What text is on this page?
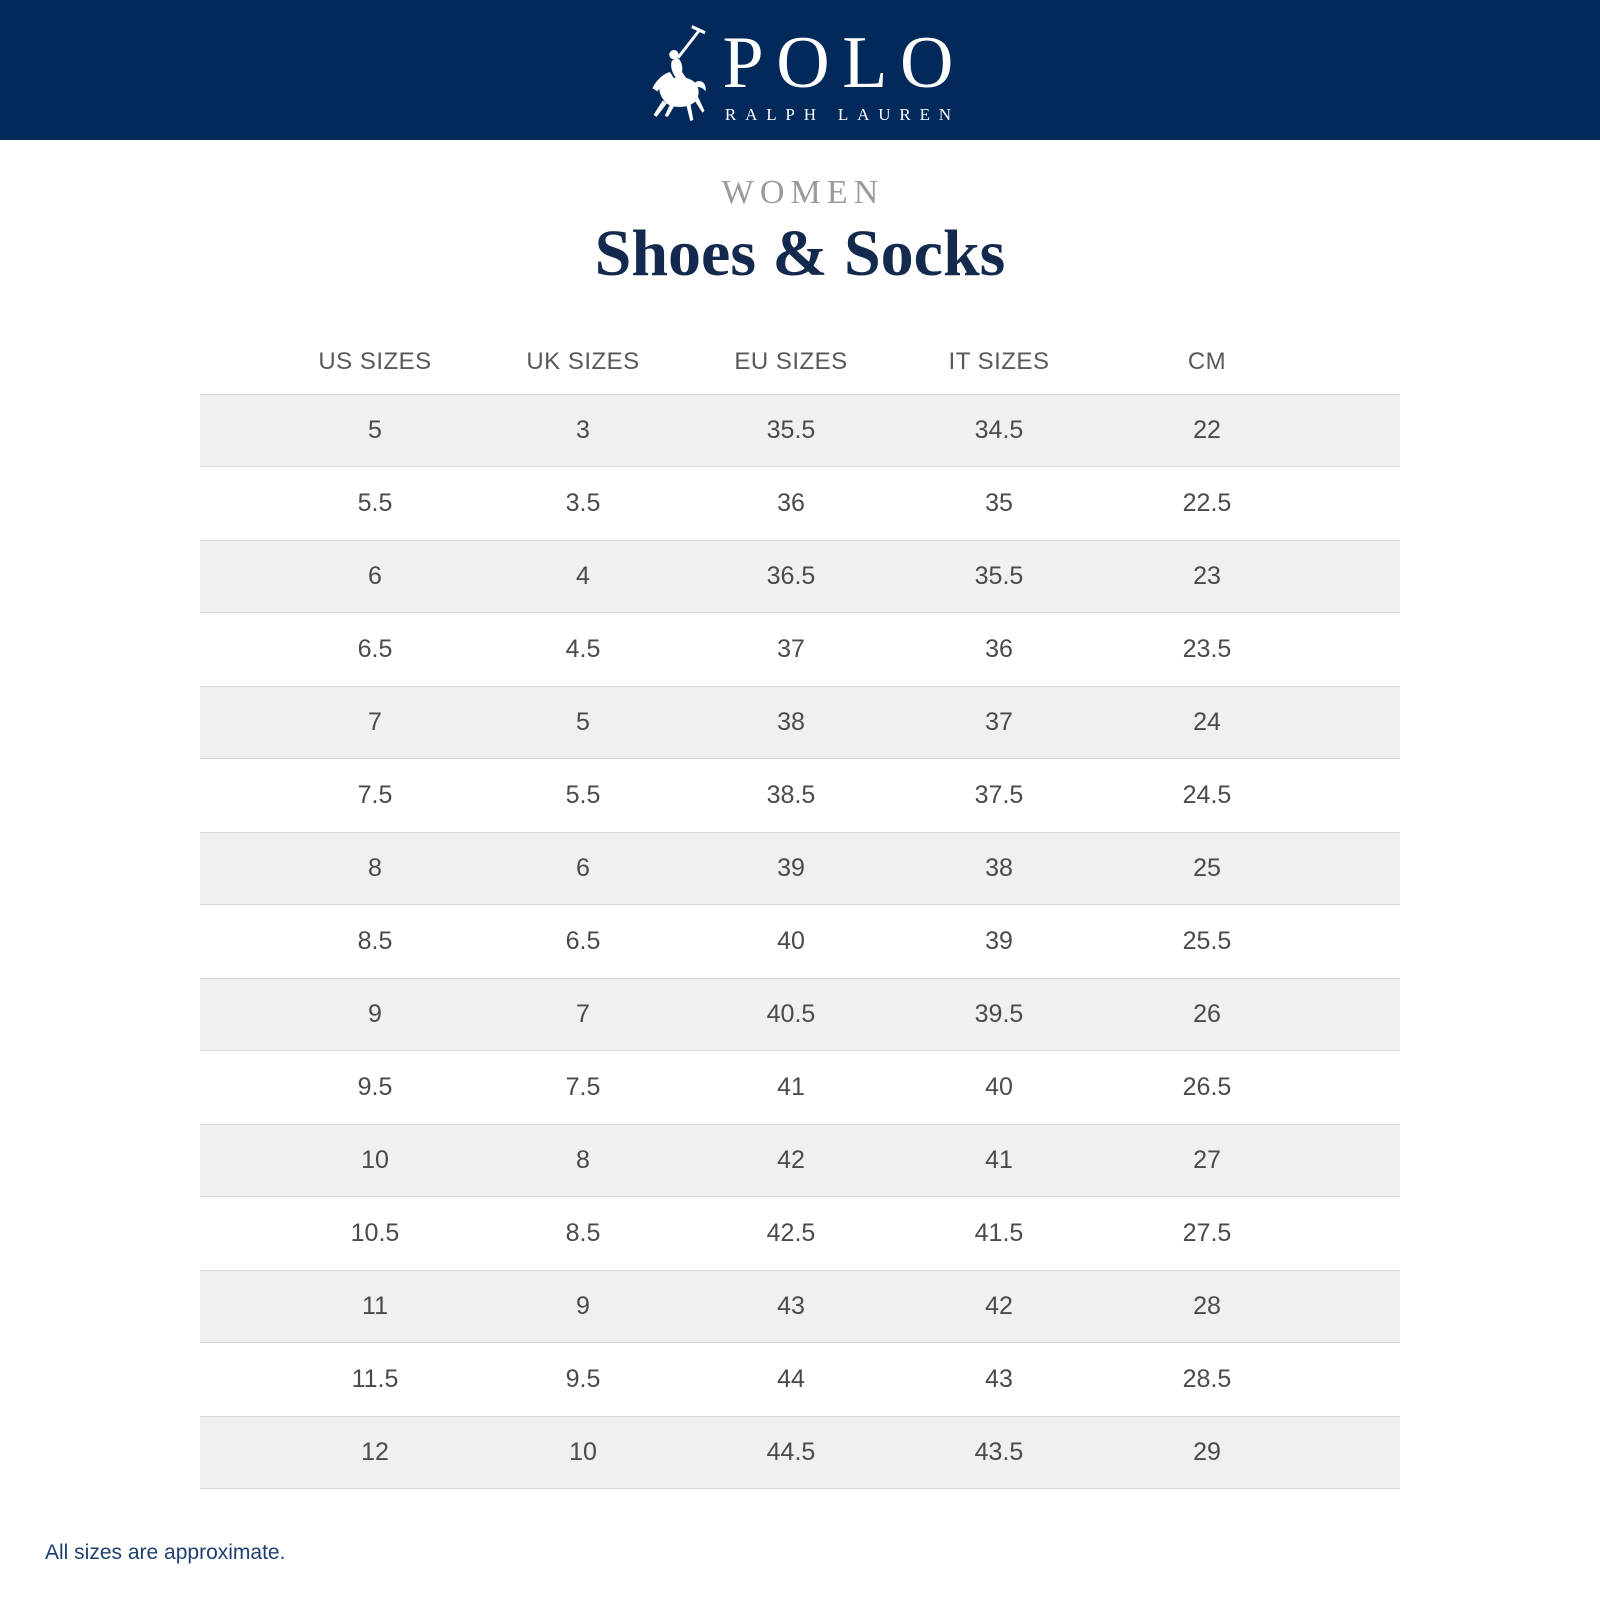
POLO
RALPH LAUREN
WOMEN
Shoes & Socks
US SIZES	UK SIZES	EU SIZES	IT SIZES	CM
5	3	35.5	34.5	22
5.5	3.5	36	35	22.5
6	4	36.5	35.5	23
6.5	4.5	37	36	23.5
7	5	38	37	24
7.5	5.5	38.5	37.5	24.5
8	6	39	38	25
8.5	6.5	40	39	25.5
9	7	40.5	39.5	26
9.5	7.5	41	40	26.5
10	8	42	41	27
10.5	8.5	42.5	41.5	27.5
11	9	43	42	28
11.5	9.5	44	43	28.5
12	10	44.5	43.5	29

All sizes are approximate.
